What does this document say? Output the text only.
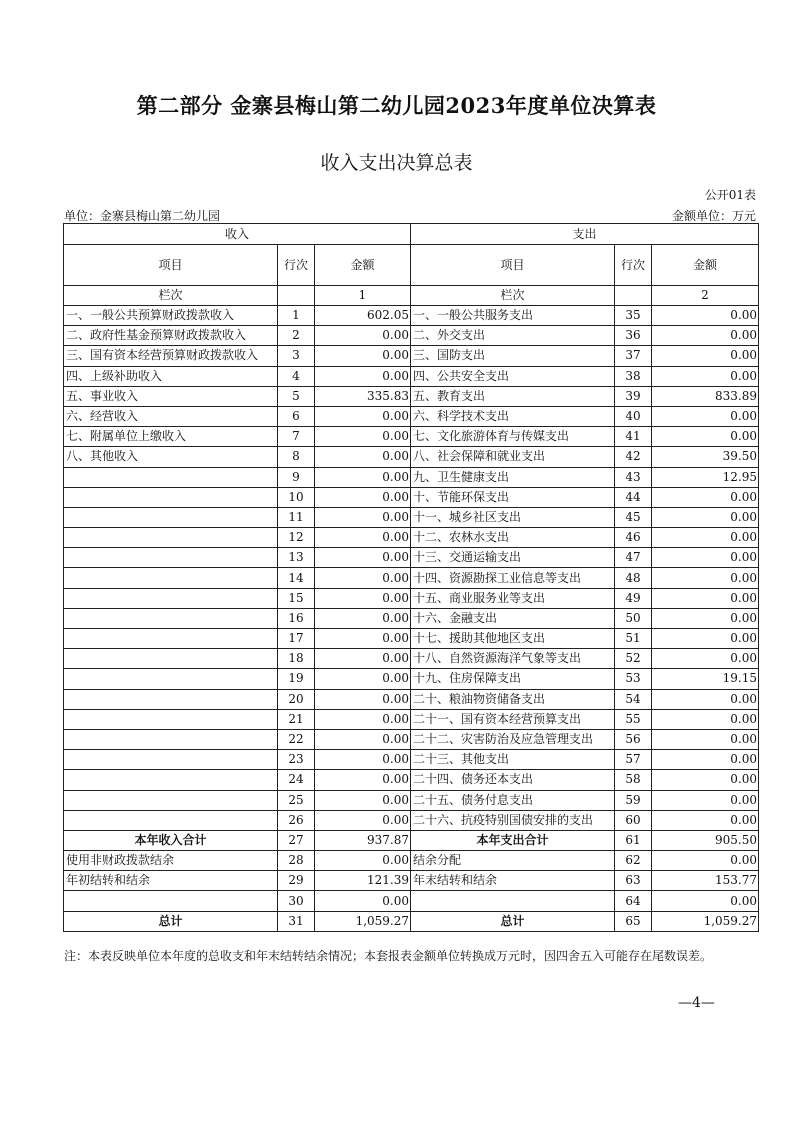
第二部分 金寨县梅山第二幼儿园2023年度单位决算表
收入支出决算总表
公开01表
单位：金寨县梅山第二幼儿园	金额单位：万元
收入			支出		
项目	行次	金额	项目	行次	金额
栏次		1	栏次		2
一、一般公共预算财政拨款收入	1	602.05	一、一般公共服务支出	35	0.00
二、政府性基金预算财政拨款收入	2	0.00	二、外交支出	36	0.00
三、国有资本经营预算财政拨款收入	3	0.00	三、国防支出	37	0.00
四、上级补助收入	4	0.00	四、公共安全支出	38	0.00
五、事业收入	5	335.83	五、教育支出	39	833.89
六、经营收入	6	0.00	六、科学技术支出	40	0.00
七、附属单位上缴收入	7	0.00	七、文化旅游体育与传媒支出	41	0.00
八、其他收入	8	0.00	八、社会保障和就业支出	42	39.50
	9	0.00	九、卫生健康支出	43	12.95
	10	0.00	十、节能环保支出	44	0.00
	11	0.00	十一、城乡社区支出	45	0.00
	12	0.00	十二、农林水支出	46	0.00
	13	0.00	十三、交通运输支出	47	0.00
	14	0.00	十四、资源勘探工业信息等支出	48	0.00
	15	0.00	十五、商业服务业等支出	49	0.00
	16	0.00	十六、金融支出	50	0.00
	17	0.00	十七、援助其他地区支出	51	0.00
	18	0.00	十八、自然资源海洋气象等支出	52	0.00
	19	0.00	十九、住房保障支出	53	19.15
	20	0.00	二十、粮油物资储备支出	54	0.00
	21	0.00	二十一、国有资本经营预算支出	55	0.00
	22	0.00	二十二、灾害防治及应急管理支出	56	0.00
	23	0.00	二十三、其他支出	57	0.00
	24	0.00	二十四、债务还本支出	58	0.00
	25	0.00	二十五、债务付息支出	59	0.00
	26	0.00	二十六、抗疫特别国债安排的支出	60	0.00
本年收入合计	27	937.87	本年支出合计	61	905.50
使用非财政拨款结余	28	0.00	结余分配	62	0.00
年初结转和结余	29	121.39	年末结转和结余	63	153.77
	30	0.00		64	0.00
总计	31	1,059.27	总计	65	1,059.27
注：本表反映单位本年度的总收支和年末结转结余情况；本套报表金额单位转换成万元时，因四舍五入可能存在尾数误差。
—4—
